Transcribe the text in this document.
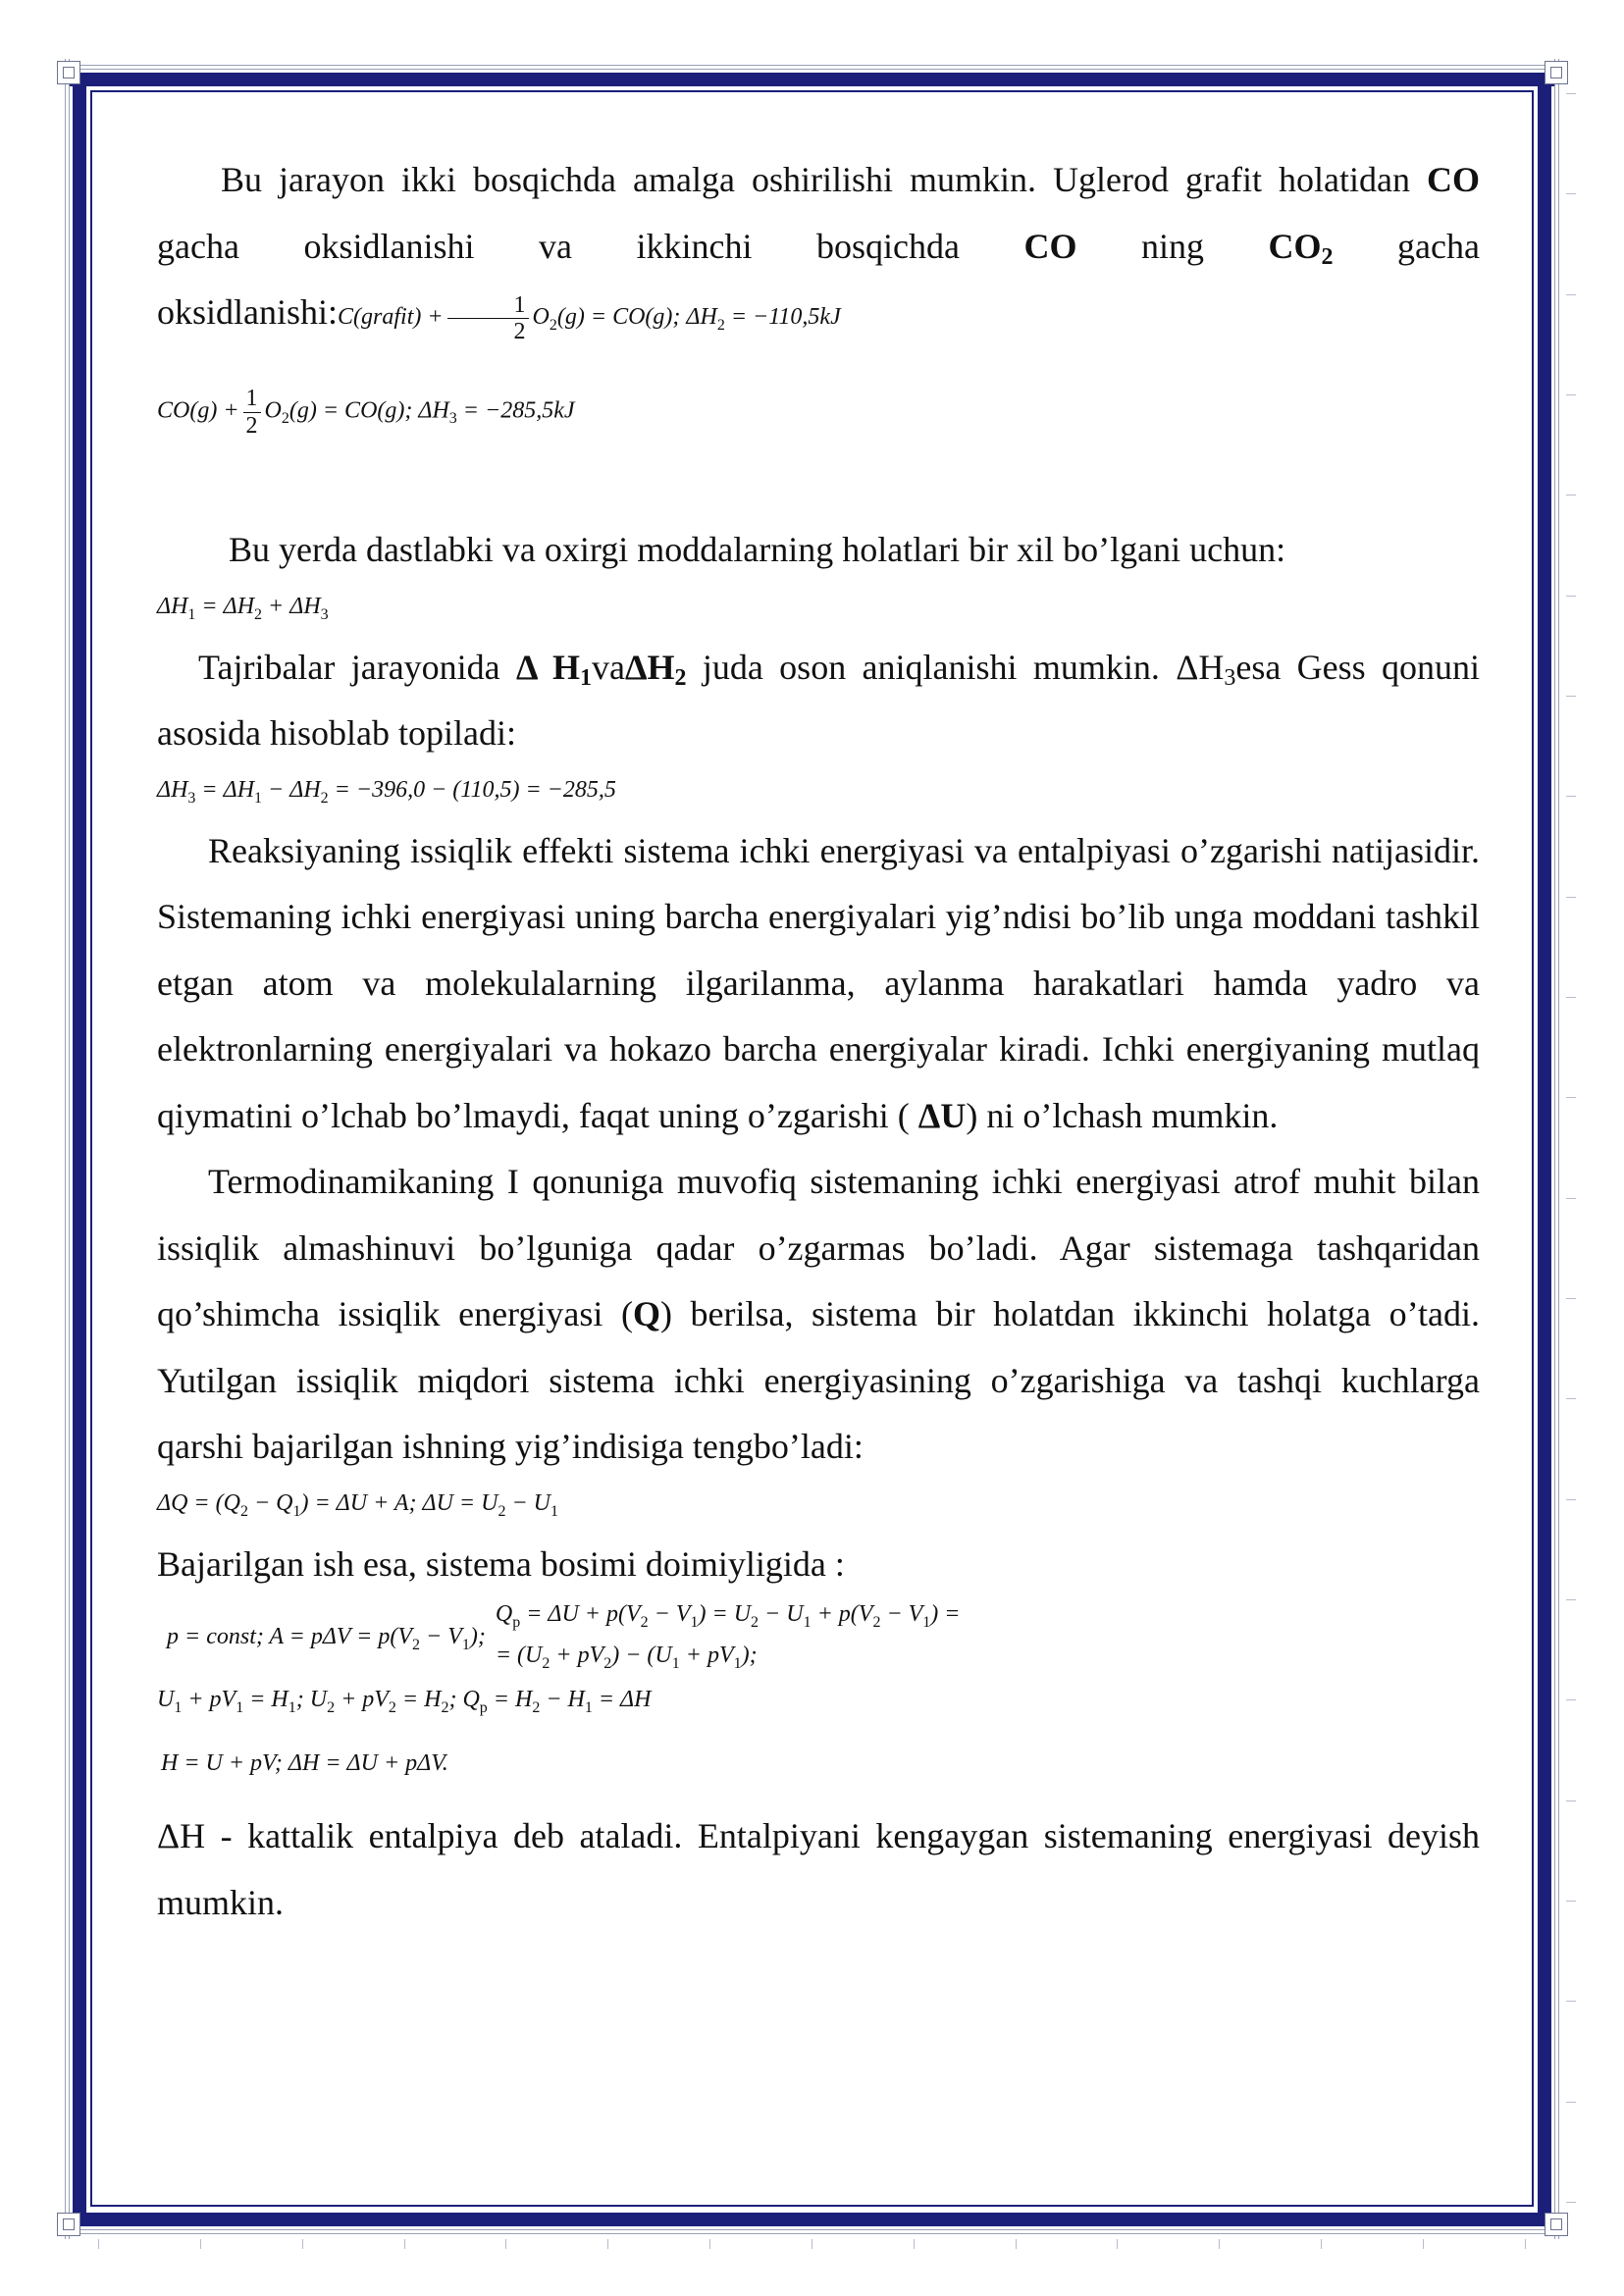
Bu jarayon ikki bosqichda amalga oshirilishi mumkin. Uglerod grafit holatidan CO gacha oksidlanishi va ikkinchi bosqichda CO ning $CO_2$ gacha oksidlanishi:C(grafit) + $\frac{1}{2} O_2(g) = CO(g)$; $\Delta H_2 = -110,5kJ$

$CO(g) + \frac{1}{2} O_2(g) = CO(g)$; $\Delta H_3 = -285,5kJ$

Bu yerda dastlabki va oxirgi moddalarning holatlari bir xil bo’lgani uchun:

$\Delta H_1 = \Delta H_2 + \Delta H_3$

Tajribalar jarayonida Δ $H_1va\Delta H_2$ juda oson aniqlanishi mumkin. $\Delta H_3esa$ Gess qonuni asosida hisoblab topiladi:

$\Delta H_3 = \Delta H_1 - \Delta H_2 = -396,0 - (110,5) = -285,5$

Reaksiyaning issiqlik effekti sistema ichki energiyasi va entalpiyasi o’zgarishi natijasidir. Sistemaning ichki energiyasi uning barcha energiyalari yig’ndisi bo’lib unga moddani tashkil etgan atom va molekulalarning ilgarilanma, aylanma harakatlari hamda yadro va elektronlarning energiyalari va hokazo barcha energiyalar kiradi. Ichki energiyaning mutlaq qiymatini o’lchab bo’lmaydi, faqat uning o’zgarishi ( ΔU) ni o’lchash mumkin.

Termodinamikaning I qonuniga muvofiq sistemaning ichki energiyasi atrof muhit bilan issiqlik almashinuvi bo’lguniga qadar o’zgarmas bo’ladi. Agar sistemaga tashqaridan qo’shimcha issiqlik energiyasi (Q) berilsa, sistema bir holatdan ikkinchi holatga o’tadi. Yutilgan issiqlik miqdori sistema ichki energiyasining o’zgarishiga va tashqi kuchlarga qarshi bajarilgan ishning yig’indisiga tengbo’ladi:

$\Delta Q = (Q_2 - Q_1) = \Delta U + A$; $\Delta U = U_2 - U_1$

Bajarilgan ish esa, sistema bosimi doimiyligida :

p = const; $A = p\Delta V = p(V_2 - V_1)$;
$Q_p = \Delta U + p(V_2 - V_1) = U_2 - U_1 + p(V_2 - V_1)$ =
= $(U_2 + pV_2) - (U_1 + pV_1)$;
$U_1 + pV_1 = H_1$; $U_2 + pV_2 = H_2$; $Q_p = H_2 - H_1 = \Delta H$
H = U + pV; ΔH = ΔU + pΔV.

ΔH - kattalik entalpiya deb ataladi. Entalpiyani kengaygan sistemaning energiyasi deyish mumkin.
